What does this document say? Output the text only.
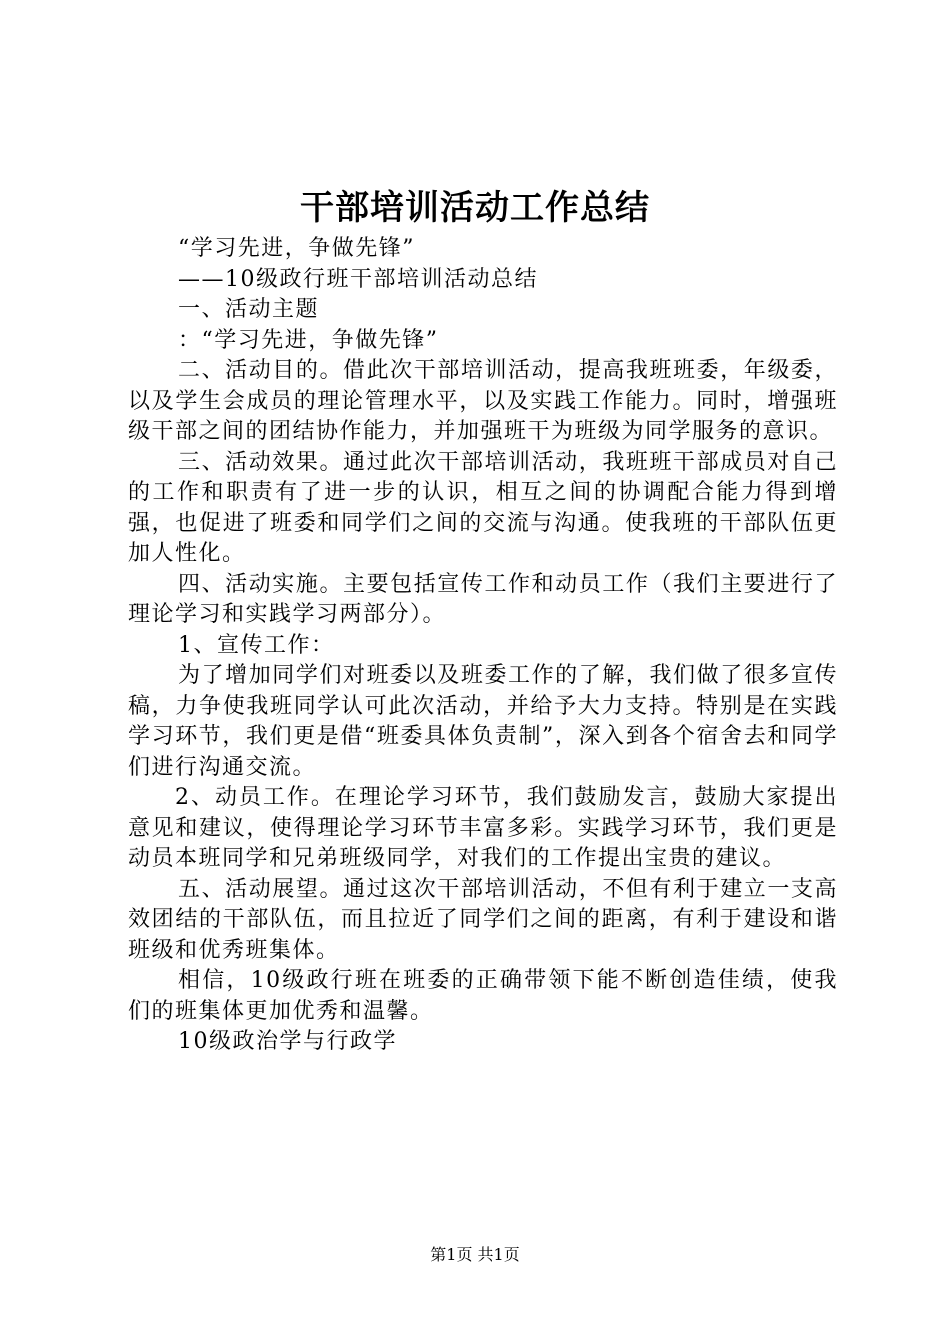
干部培训活动工作总结

“学习先进，争做先锋”

——10级政行班干部培训活动总结

一、活动主题

：“学习先进，争做先锋”

二、活动目的。借此次干部培训活动，提高我班班委，年级委，以及学生会成员的理论管理水平，以及实践工作能力。同时，增强班级干部之间的团结协作能力，并加强班干为班级为同学服务的意识。

三、活动效果。通过此次干部培训活动，我班班干部成员对自己的工作和职责有了进一步的认识，相互之间的协调配合能力得到增强，也促进了班委和同学们之间的交流与沟通。使我班的干部队伍更加人性化。

四、活动实施。主要包括宣传工作和动员工作（我们主要进行了理论学习和实践学习两部分）。

1、宣传工作：

为了增加同学们对班委以及班委工作的了解，我们做了很多宣传稿，力争使我班同学认可此次活动，并给予大力支持。特别是在实践学习环节，我们更是借“班委具体负责制”，深入到各个宿舍去和同学们进行沟通交流。

2、动员工作。在理论学习环节，我们鼓励发言，鼓励大家提出意见和建议，使得理论学习环节丰富多彩。实践学习环节，我们更是动员本班同学和兄弟班级同学，对我们的工作提出宝贵的建议。

五、活动展望。通过这次干部培训活动，不但有利于建立一支高效团结的干部队伍，而且拉近了同学们之间的距离，有利于建设和谐班级和优秀班集体。

相信，10级政行班在班委的正确带领下能不断创造佳绩，使我们的班集体更加优秀和温馨。

10级政治学与行政学

第1页 共1页
